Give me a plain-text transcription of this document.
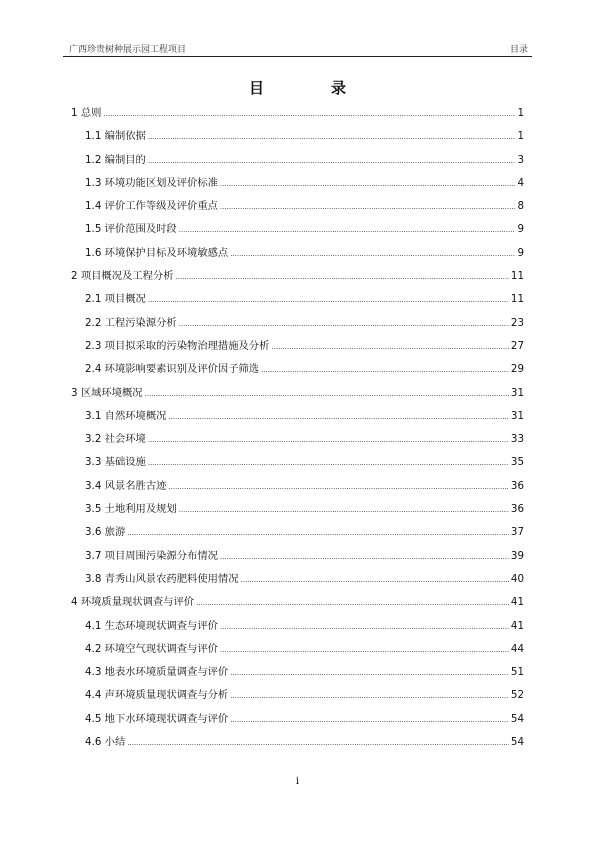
广西珍贵树种展示园工程项目	目录
目　录
1 总则 .....	1
1.1 编制依据 .....	1
1.2 编制目的 .....	3
1.3 环境功能区划及评价标准 .....	4
1.4 评价工作等级及评价重点 .....	8
1.5 评价范围及时段 .....	9
1.6 环境保护目标及环境敏感点 .....	9
2 项目概况及工程分析 .....	11
2.1 项目概况 .....	11
2.2 工程污染源分析 .....	23
2.3 项目拟采取的污染物治理措施及分析 .....	27
2.4 环境影响要素识别及评价因子筛选 .....	29
3 区域环境概况 .....	31
3.1 自然环境概况 .....	31
3.2 社会环境 .....	33
3.3 基础设施 .....	35
3.4 风景名胜古迹 .....	36
3.5 土地利用及规划 .....	36
3.6 旅游 .....	37
3.7 项目周围污染源分布情况 .....	39
3.8 青秀山风景农药肥料使用情况 .....	40
4 环境质量现状调查与评价 .....	41
4.1 生态环境现状调查与评价 .....	41
4.2 环境空气现状调查与评价 .....	44
4.3 地表水环境质量调查与评价 .....	51
4.4 声环境质量现状调查与分析 .....	52
4.5 地下水环境现状调查与评价 .....	54
4.6 小结 .....	54
i
